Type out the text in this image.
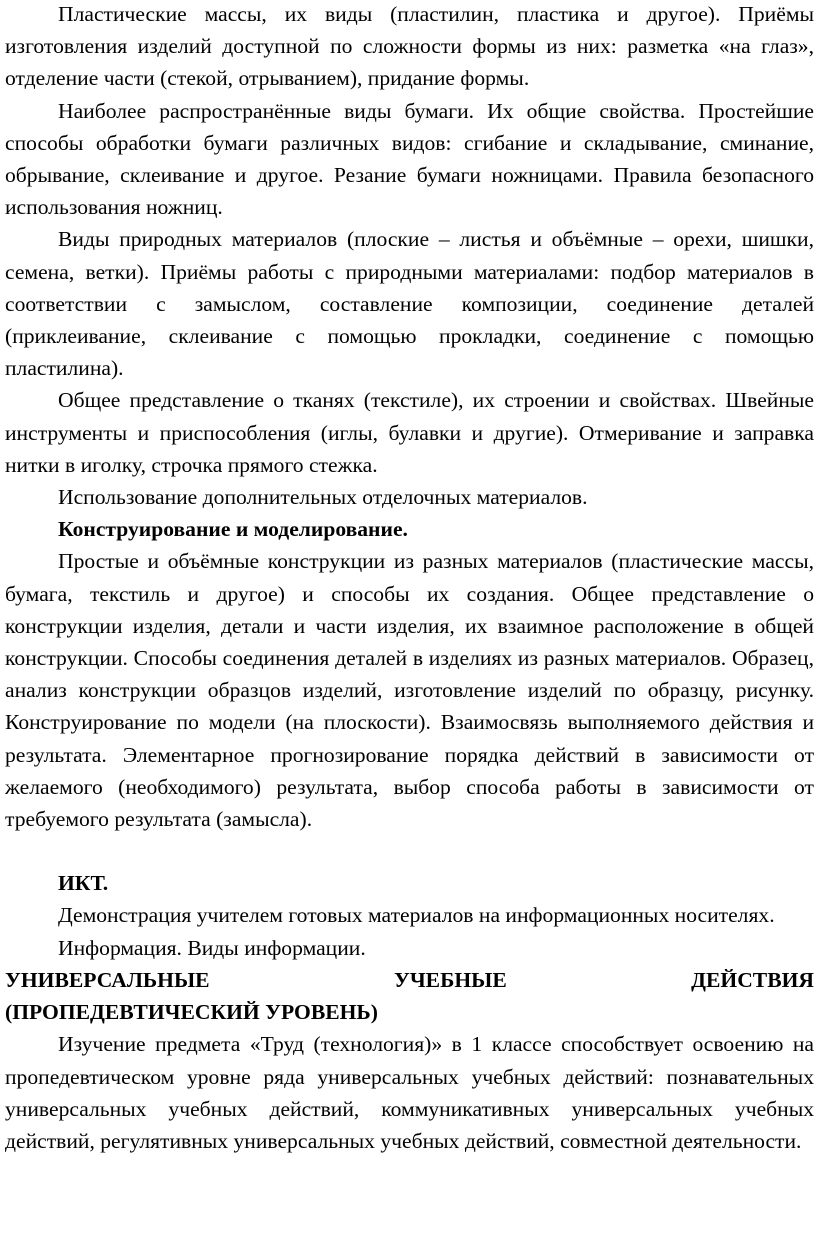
Пластические массы, их виды (пластилин, пластика и другое). Приёмы изготовления изделий доступной по сложности формы из них: разметка «на глаз», отделение части (стекой, отрыванием), придание формы.

Наиболее распространённые виды бумаги. Их общие свойства. Простейшие способы обработки бумаги различных видов: сгибание и складывание, сминание, обрывание, склеивание и другое. Резание бумаги ножницами. Правила безопасного использования ножниц.

Виды природных материалов (плоские – листья и объёмные – орехи, шишки, семена, ветки). Приёмы работы с природными материалами: подбор материалов в соответствии с замыслом, составление композиции, соединение деталей (приклеивание, склеивание с помощью прокладки, соединение с помощью пластилина).

Общее представление о тканях (текстиле), их строении и свойствах. Швейные инструменты и приспособления (иглы, булавки и другие). Отмеривание и заправка нитки в иголку, строчка прямого стежка.

Использование дополнительных отделочных материалов.

Конструирование и моделирование.

Простые и объёмные конструкции из разных материалов (пластические массы, бумага, текстиль и другое) и способы их создания. Общее представление о конструкции изделия, детали и части изделия, их взаимное расположение в общей конструкции. Способы соединения деталей в изделиях из разных материалов. Образец, анализ конструкции образцов изделий, изготовление изделий по образцу, рисунку. Конструирование по модели (на плоскости). Взаимосвязь выполняемого действия и результата. Элементарное прогнозирование порядка действий в зависимости от желаемого (необходимого) результата, выбор способа работы в зависимости от требуемого результата (замысла).

ИКТ.

Демонстрация учителем готовых материалов на информационных носителях.

Информация. Виды информации.

УНИВЕРСАЛЬНЫЕ УЧЕБНЫЕ ДЕЙСТВИЯ
(ПРОПЕДЕВТИЧЕСКИЙ УРОВЕНЬ)

Изучение предмета «Труд (технология)» в 1 классе способствует освоению на пропедевтическом уровне ряда универсальных учебных действий: познавательных универсальных учебных действий, коммуникативных универсальных учебных действий, регулятивных универсальных учебных действий, совместной деятельности.
